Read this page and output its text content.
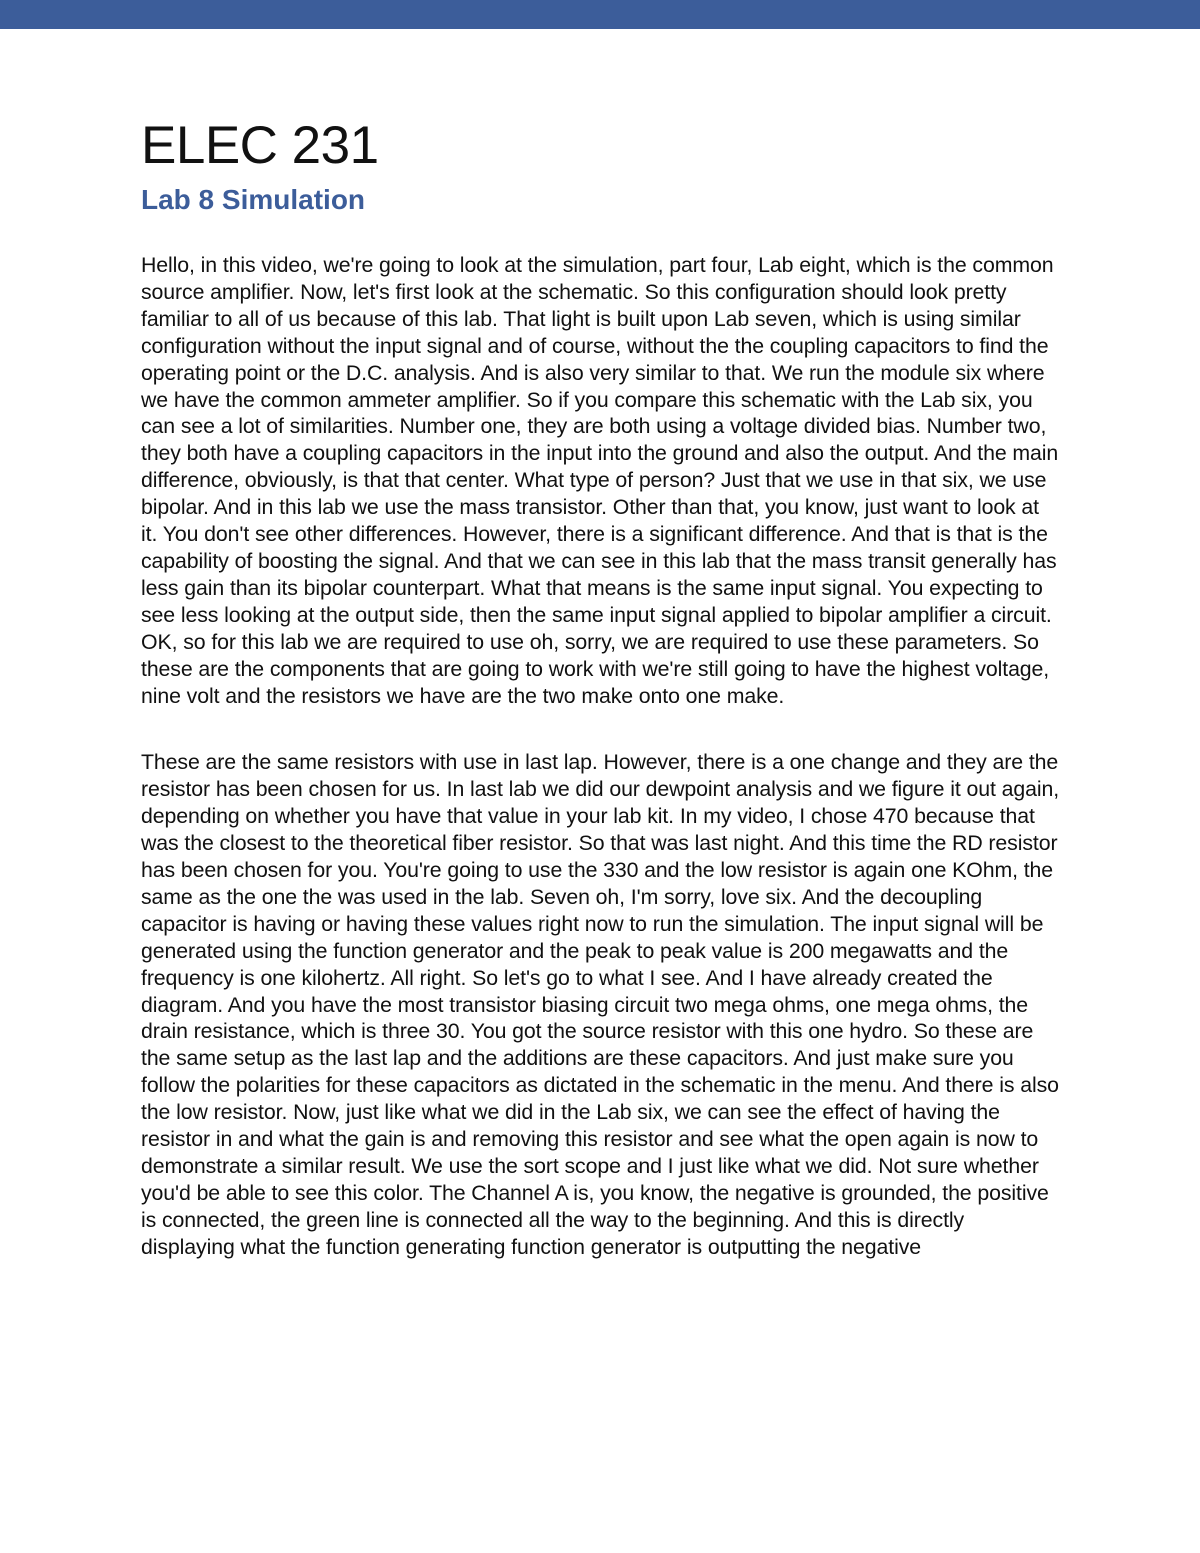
ELEC 231
Lab 8 Simulation

Hello, in this video, we're going to look at the simulation, part four, Lab eight, which is the common source amplifier. Now, let's first look at the schematic. So this configuration should look pretty familiar to all of us because of this lab. That light is built upon Lab seven, which is using similar configuration without the input signal and of course, without the the coupling capacitors to find the operating point or the D.C. analysis. And is also very similar to that. We run the module six where we have the common ammeter amplifier. So if you compare this schematic with the Lab six, you can see a lot of similarities. Number one, they are both using a voltage divided bias. Number two, they both have a coupling capacitors in the input into the ground and also the output. And the main difference, obviously, is that that center. What type of person? Just that we use in that six, we use bipolar. And in this lab we use the mass transistor. Other than that, you know, just want to look at it. You don't see other differences. However, there is a significant difference. And that is that is the capability of boosting the signal. And that we can see in this lab that the mass transit generally has less gain than its bipolar counterpart. What that means is the same input signal. You expecting to see less looking at the output side, then the same input signal applied to bipolar amplifier a circuit. OK, so for this lab we are required to use oh, sorry, we are required to use these parameters. So these are the components that are going to work with we're still going to have the highest voltage, nine volt and the resistors we have are the two make onto one make.

These are the same resistors with use in last lap. However, there is a one change and they are the resistor has been chosen for us. In last lab we did our dewpoint analysis and we figure it out again, depending on whether you have that value in your lab kit. In my video, I chose 470 because that was the closest to the theoretical fiber resistor. So that was last night. And this time the RD resistor has been chosen for you. You're going to use the 330 and the low resistor is again one KOhm, the same as the one the was used in the lab. Seven oh, I'm sorry, love six. And the decoupling capacitor is having or having these values right now to run the simulation. The input signal will be generated using the function generator and the peak to peak value is 200 megawatts and the frequency is one kilohertz. All right. So let's go to what I see. And I have already created the diagram. And you have the most transistor biasing circuit two mega ohms, one mega ohms, the drain resistance, which is three 30. You got the source resistor with this one hydro. So these are the same setup as the last lap and the additions are these capacitors. And just make sure you follow the polarities for these capacitors as dictated in the schematic in the menu. And there is also the low resistor. Now, just like what we did in the Lab six, we can see the effect of having the resistor in and what the gain is and removing this resistor and see what the open again is now to demonstrate a similar result. We use the sort scope and I just like what we did. Not sure whether you'd be able to see this color. The Channel A is, you know, the negative is grounded, the positive is connected, the green line is connected all the way to the beginning. And this is directly displaying what the function generating function generator is outputting the negative
